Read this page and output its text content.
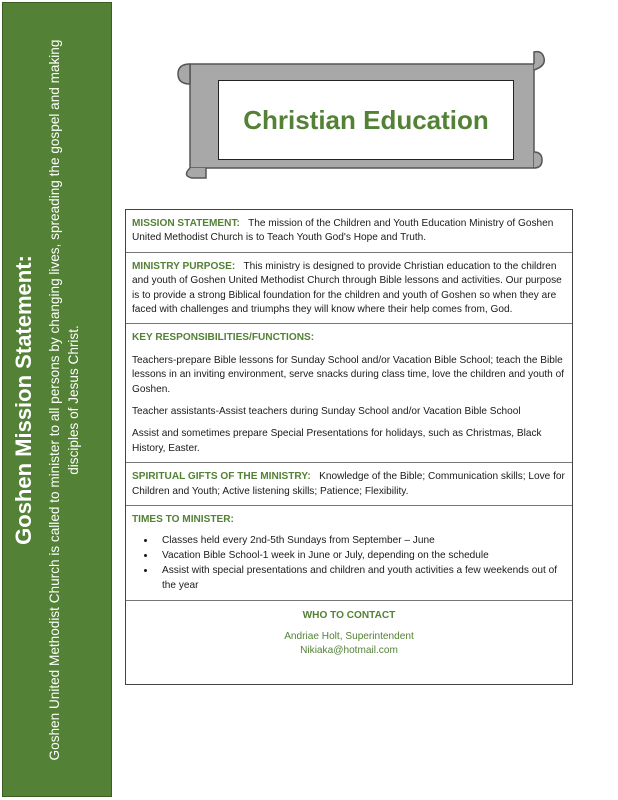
Goshen Mission Statement: Goshen United Methodist Church is called to minister to all persons by changing lives, spreading the gospel and making disciples of Jesus Christ.
Christian Education

MISSION STATEMENT: The mission of the Children and Youth Education Ministry of Goshen United Methodist Church is to Teach Youth God's Hope and Truth.

MINISTRY PURPOSE: This ministry is designed to provide Christian education to the children and youth of Goshen United Methodist Church through Bible lessons and activities. Our purpose is to provide a strong Biblical foundation for the children and youth of Goshen so when they are faced with challenges and triumphs they will know where their help comes from, God.

KEY RESPONSIBILITIES/FUNCTIONS:

Teachers-prepare Bible lessons for Sunday School and/or Vacation Bible School; teach the Bible lessons in an inviting environment, serve snacks during class time, love the children and youth of Goshen.

Teacher assistants-Assist teachers during Sunday School and/or Vacation Bible School

Assist and sometimes prepare Special Presentations for holidays, such as Christmas, Black History, Easter.

SPIRITUAL GIFTS OF THE MINISTRY: Knowledge of the Bible; Communication skills; Love for Children and Youth; Active listening skills; Patience; Flexibility.

TIMES TO MINISTER:

• Classes held every 2nd-5th Sundays from September – June
• Vacation Bible School-1 week in June or July, depending on the schedule
• Assist with special presentations and children and youth activities a few weekends out of the year
WHO TO CONTACT
Andriae Holt, Superintendent
Nikiaka@hotmail.com
